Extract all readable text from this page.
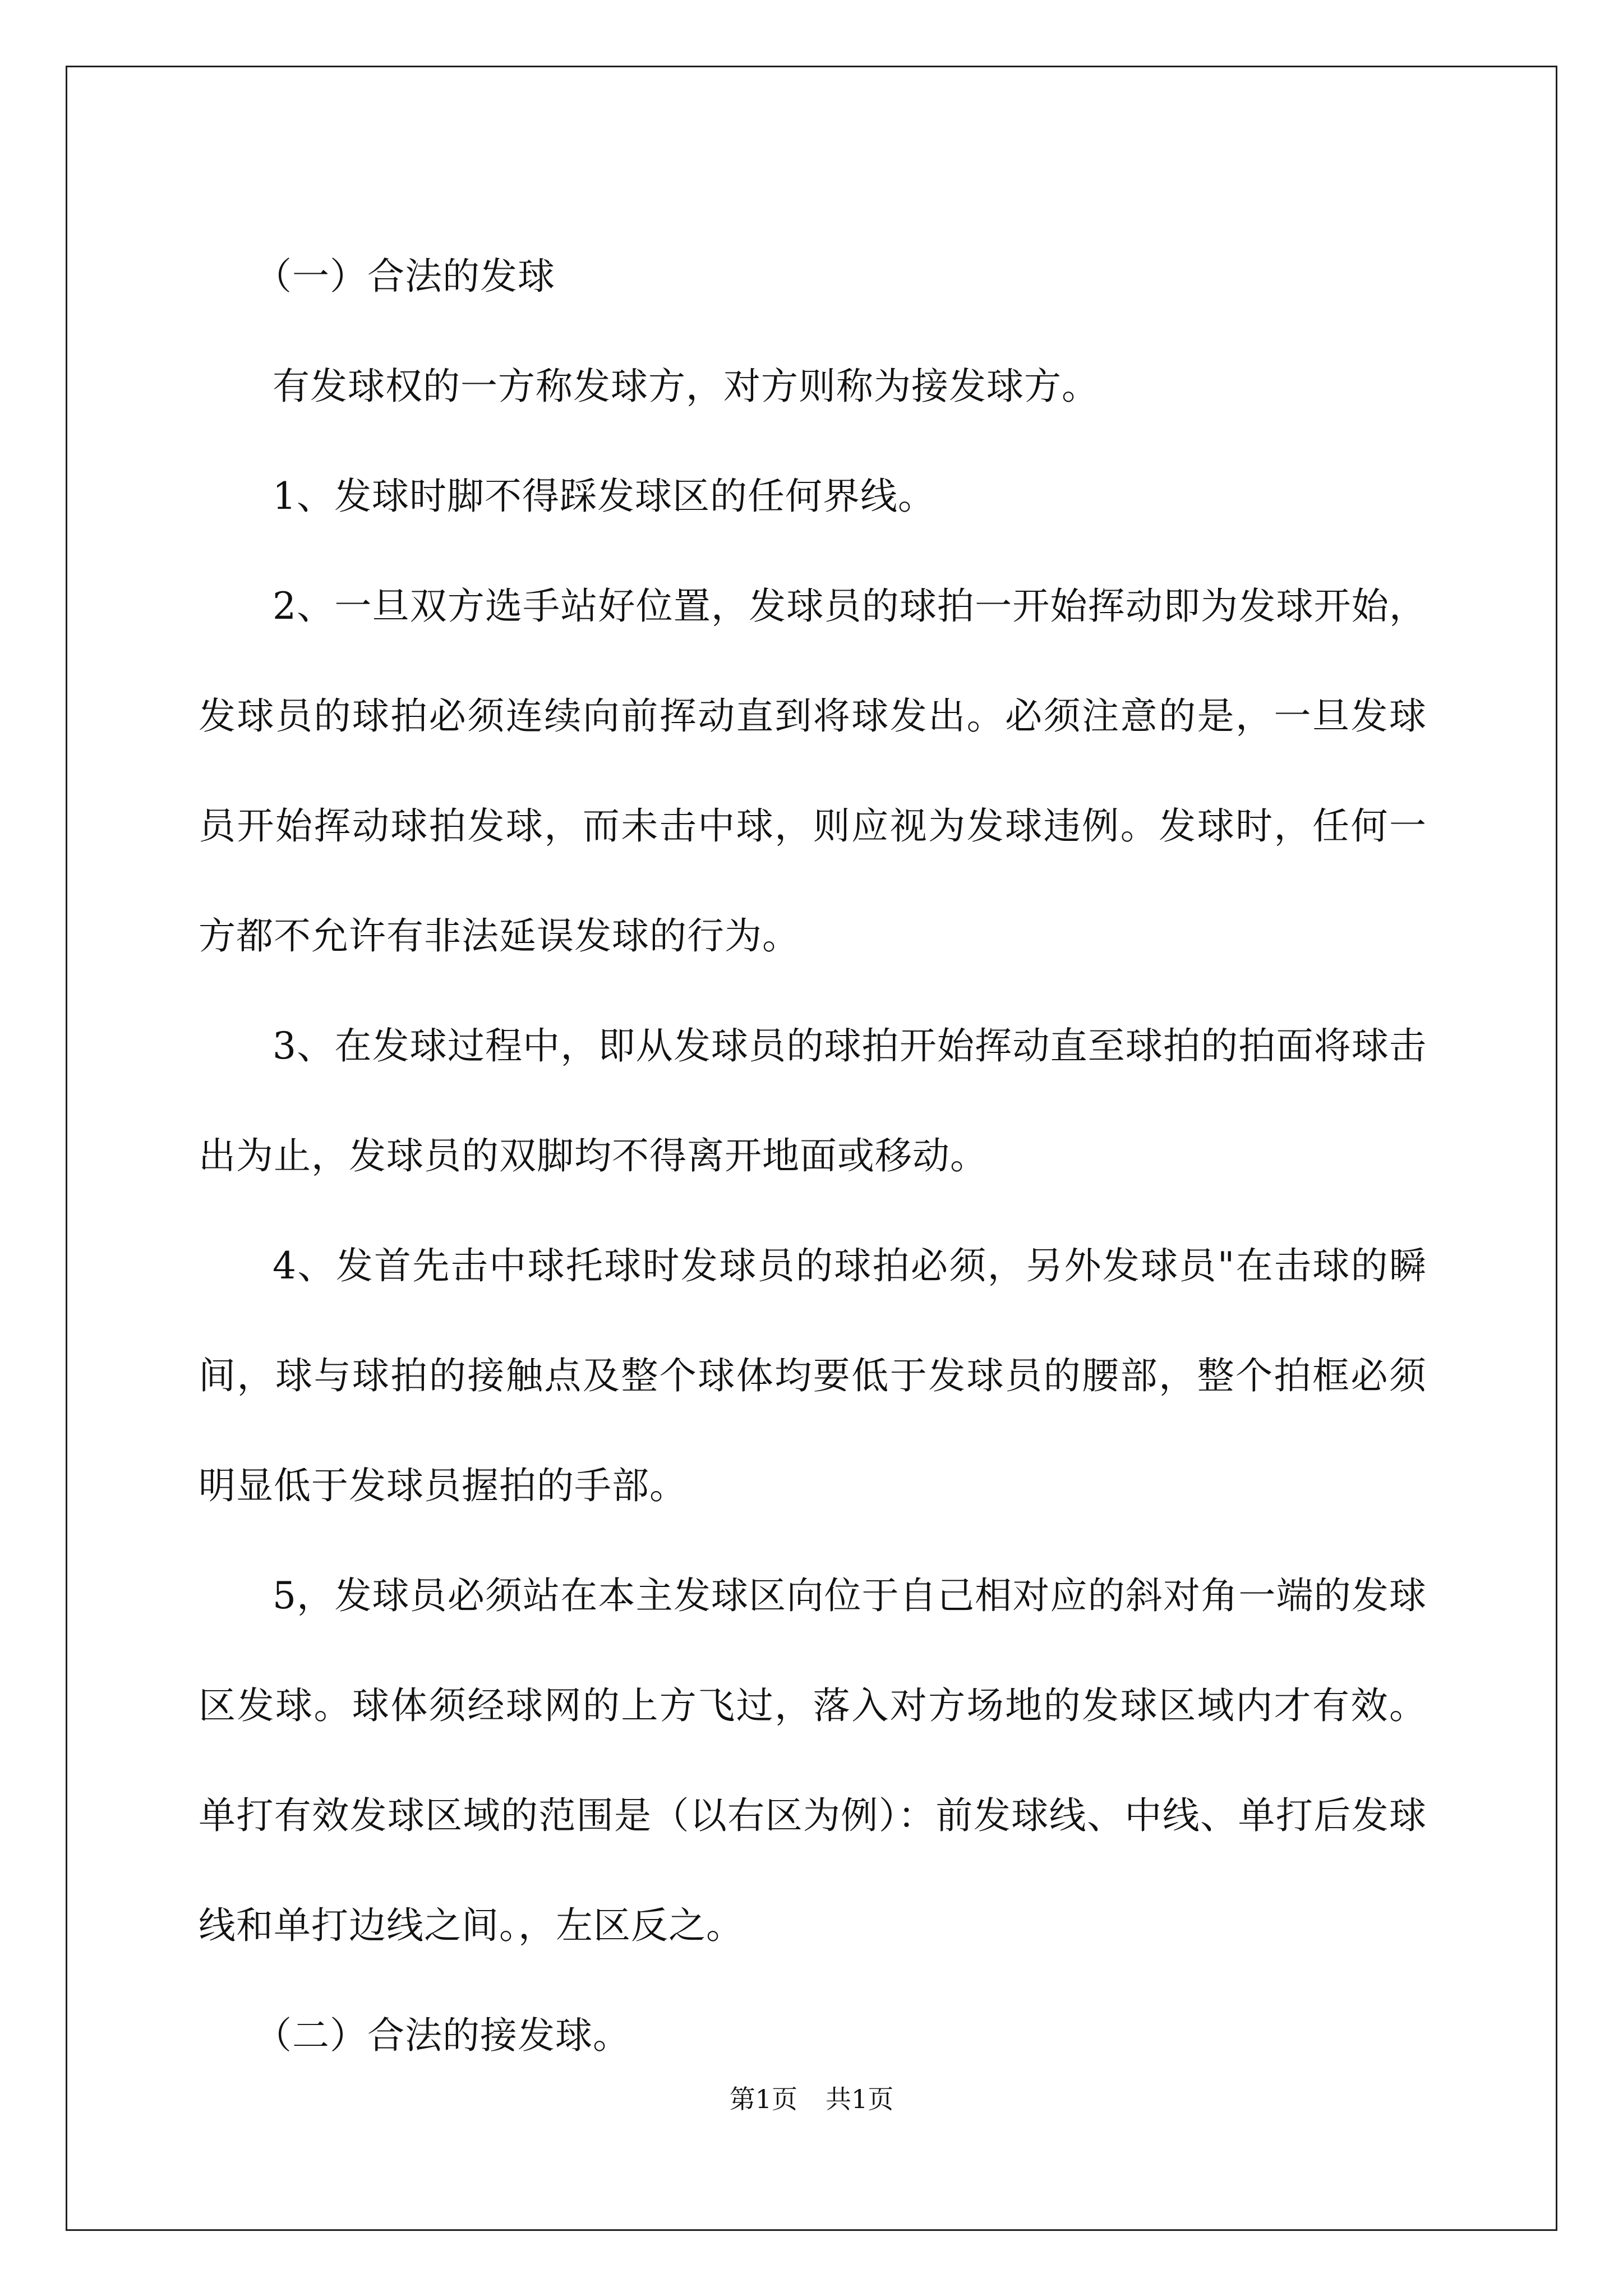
（一）合法的发球

有发球权的一方称发球方，对方则称为接发球方。

1、发球时脚不得踩发球区的任何界线。

2、一旦双方选手站好位置，发球员的球拍一开始挥动即为发球开始，发球员的球拍必须连续向前挥动直到将球发出。必须注意的是，一旦发球员开始挥动球拍发球，而未击中球，则应视为发球违例。发球时，任何一方都不允许有非法延误发球的行为。

3、在发球过程中，即从发球员的球拍开始挥动直至球拍的拍面将球击出为止，发球员的双脚均不得离开地面或移动。

4、发首先击中球托球时发球员的球拍必须，另外发球员"在击球的瞬间，球与球拍的接触点及整个球体均要低于发球员的腰部，整个拍框必须明显低于发球员握拍的手部。

5，发球员必须站在本主发球区向位于自己相对应的斜对角一端的发球区发球。球体须经球网的上方飞过，落入对方场地的发球区域内才有效。单打有效发球区域的范围是（以右区为例）：前发球线、中线、单打后发球线和单打边线之间。，左区反之。

（二）合法的接发球。

第1页 共1页
